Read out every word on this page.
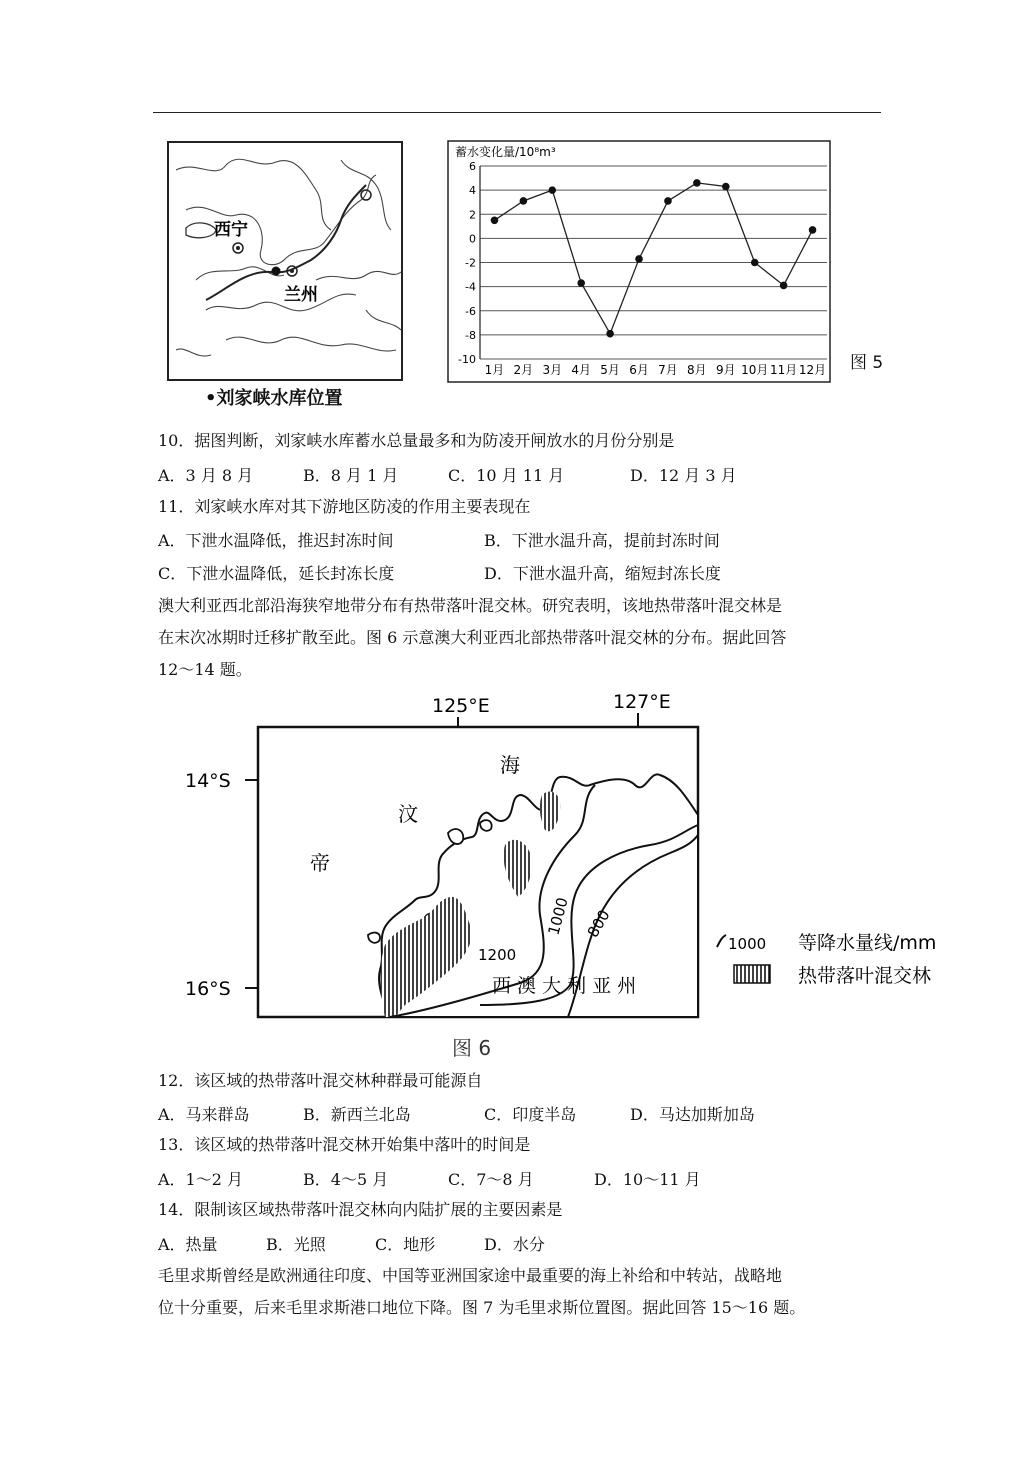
西宁
兰州
•刘家峡水库位置
蓄水变化量/10⁸m³
6
4
2
0
-2
-4
-6
-8
-10
1月 2月 3月 4月 5月 6月 7月 8月 9月 10月 11月 12月 图 5
10．据图判断，刘家峡水库蓄水总量最多和为防凌开闸放水的月份分别是
A．3 月 8 月	B．8 月 1 月	C．10 月 11 月	D．12 月 3 月
11．刘家峡水库对其下游地区防凌的作用主要表现在
A．下泄水温降低，推迟封冻时间	B．下泄水温升高，提前封冻时间
C．下泄水温降低，延长封冻长度	D．下泄水温升高，缩短封冻长度
澳大利亚西北部沿海狭窄地带分布有热带落叶混交林。研究表明，该地热带落叶混交林是
在末次冰期时迁移扩散至此。图 6 示意澳大利亚西北部热带落叶混交林的分布。据此回答
12～14 题。
125°E	127°E
14°S
16°S
1200
1000 800
帝
汶
海
西 澳 大 利 亚 州
1000 等降水量线/mm
热带落叶混交林
图 6
12．该区域的热带落叶混交林种群最可能源自
A．马来群岛	B．新西兰北岛	C．印度半岛	D．马达加斯加岛
13．该区域的热带落叶混交林开始集中落叶的时间是
A．1～2 月	B．4～5 月	C．7～8 月	D．10～11 月
14．限制该区域热带落叶混交林向内陆扩展的主要因素是
A．热量	B．光照	C．地形	D．水分
毛里求斯曾经是欧洲通往印度、中国等亚洲国家途中最重要的海上补给和中转站，战略地
位十分重要，后来毛里求斯港口地位下降。图 7 为毛里求斯位置图。据此回答 15～16 题。
